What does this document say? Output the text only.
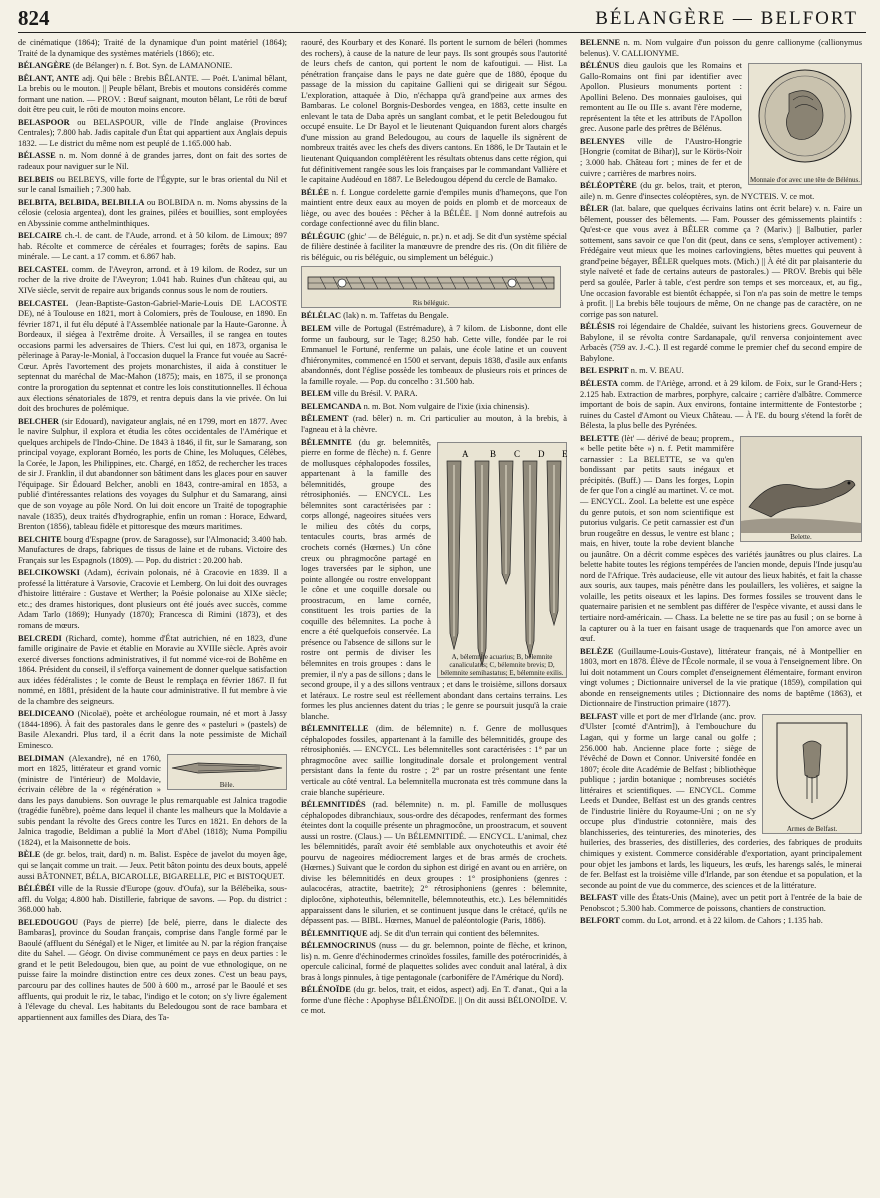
824	BÉLANGÈRE — BELFORT

de cinématique (1864); Traité de la dynamique d'un point matériel (1864); Traité de la dynamique des systèmes matériels (1866); etc.

BÉLANGÈRE (de Bélanger) n. f. Bot. Syn. de LAMANONIE.

BÊLANT, ANTE adj. Qui bêle : Brebis BÊLANTE. — Poét. L'animal bêlant, La brebis ou le mouton. || Peuple bêlant, Brebis et moutons considérés comme formant une nation. — PROV. : Bœuf saignant, mouton bêlant, Le rôti de bœuf doit être peu cuit, le rôti de mouton moins encore.

BELASPOOR ou BELASPOUR, ville de l'Inde anglaise (Provinces Centrales); 7.800 hab. Jadis capitale d'un État qui appartient aux Anglais depuis 1832. — Le district du même nom est peuplé de 1.165.000 hab.

BÉLASSE n. m. Nom donné à de grandes jarres, dont on fait des sortes de radeaux pour naviguer sur le Nil.

BELBEIS ou BELBEYS, ville forte de l'Égypte, sur le bras oriental du Nil et sur le canal Ismailieh ; 7.300 hab.

BELBITA, BELBIDA, BELBILLA ou BOLBIDA n. m. Noms abyssins de la célosie (celosia argentea), dont les graines, pilées et bouillies, sont employées en Abyssinie comme anthelminthiques.

BELCAIRE ch.-l. de cant. de l'Aude, arrond. et à 50 kilom. de Limoux; 897 hab. Récolte et commerce de céréales et fourrages; forêts de sapins. Eau minérale. — Le cant. a 17 comm. et 6.867 hab.

BELCASTEL comm. de l'Aveyron, arrond. et à 19 kilom. de Rodez, sur un rocher de la rive droite de l'Aveyron; 1.041 hab. Ruines d'un château qui, au XIVe siècle, servit de repaire aux brigands connus sous le nom de routiers.

BELCASTEL (Jean-Baptiste-Gaston-Gabriel-Marie-Louis DE LACOSTE DE), né à Toulouse en 1821, mort à Colomiers, près de Toulouse, en 1890. En février 1871, il fut élu député à l'Assemblée nationale par la Haute-Garonne. À Bordeaux, il siégea à l'extrême droite. À Versailles, il se rangea en toutes occasions parmi les adversaires de Thiers. C'est lui qui, en 1873, organisa le pèlerinage à Paray-le-Monial, à l'occasion duquel la France fut vouée au Sacré-Cœur. Après l'avortement des projets monarchistes, il aida à constituer le septennat du maréchal de Mac-Mahon (1875); mais, en 1875, il se prononça contre la prorogation du septennat et contre les lois constitutionnelles. Il échoua aux élections sénatoriales de 1879, et rentra depuis dans la vie privée. On lui doit des brochures de polémique.

BELCHER (sir Edouard), navigateur anglais, né en 1799, mort en 1877. Avec le navire Sulphur, il explora et étudia les côtes occidentales de l'Amérique et quelques archipels de l'Indo-Chine. De 1843 à 1846, il fit, sur le Samarang, son principal voyage, explorant Bornéo, les ports de Chine, les Moluques, Célèbes, la Corée, le Japon, les Philippines, etc. Chargé, en 1852, de rechercher les traces de sir J. Franklin, il dut abandonner son bâtiment dans les glaces pour en sauver l'équipage. Sir Édouard Belcher, anobli en 1843, contre-amiral en 1853, a publié d'intéressantes relations des voyages du Sulphur et du Samarang, ainsi que de son voyage au pôle Nord. On lui doit encore un Traité de topographie navale (1835), deux traités d'hydrographie, enfin un roman : Horace, Edward, Brenton (1856), tableau fidèle et pittoresque des mœurs maritimes.

BELCHITE bourg d'Espagne (prov. de Saragosse), sur l'Almonacid; 3.400 hab. Manufactures de draps, fabriques de tissus de laine et de rubans. Victoire des Français sur les Espagnols (1809). — Pop. du district : 20.200 hab.

BELCIKOWSKI (Adam), écrivain polonais, né à Cracovie en 1839. Il a professé la littérature à Varsovie, Cracovie et Lemberg. On lui doit des ouvrages d'histoire littéraire : Gustave et Werther; la Poésie polonaise au XIXe siècle; etc.; des drames historiques, dont plusieurs ont été joués avec succès, comme Adam Tarlo (1869); Hunyady (1870); Francesca di Rimini (1873), et des romans de mœurs.

BELCREDI (Richard, comte), homme d'État autrichien, né en 1823, d'une famille originaire de Pavie et établie en Moravie au XVIIIe siècle. Après avoir exercé diverses fonctions administratives, il fut nommé vice-roi de Bohême en 1864. Président du conseil, il s'efforça vainement de donner quelque satisfaction aux idées fédéralistes ; le comte de Beust le remplaça en février 1867. Il fut nommé, en 1881, président de la haute cour administrative. Il fut membre à vie de la chambre des seigneurs.

BELDICEANO (Nicolaë), poète et archéologue roumain, né et mort à Jassy (1844-1896). À fait des pastorales dans le genre des « pasteluri » (pastels) de Basile Alexandri. Plus tard, il a écrit dans la note pessimiste de Michaïl Eminesco.

Bèle.

BELDIMAN (Alexandre), né en 1760, mort en 1825, littérateur et grand vornic (ministre de l'intérieur) de Moldavie, écrivain célèbre de la « régénération » dans les pays danubiens. Son ouvrage le plus remarquable est Jalnica tragodie (tragédie funèbre), poème dans lequel il chante les malheurs que la Moldavie a subis pendant la révolte des Grecs contre les Turcs en 1821. En dehors de la Jalnica tragodie, Beldiman a publié la Mort d'Abel (1818); Numa Pompiliu (1824), et la Maisonnette de bois.

BÈLE (de gr. belos, trait, dard) n. m. Balist. Espèce de javelot du moyen âge, qui se lançait comme un trait. — Jeux. Petit bâton pointu des deux bouts, appelé aussi BÂTONNET, BÉLA, BICAROLLE, BIGARELLE, PIC et BISTOQUET.

BÉLÉBÉI ville de la Russie d'Europe (gouv. d'Oufa), sur la Bélébeïka, sous-affl. du Volga; 4.800 hab. Distillerie, fabrique de savons. — Pop. du district : 368.000 hab.

BELEDOUGOU (Pays de pierre) [de belé, pierre, dans le dialecte des Bambaras], province du Soudan français, comprise dans l'angle formé par le Baoulé (affluent du Sénégal) et le Niger, et limitée au N. par la région française dite du Sahel. — Géogr. On divise communément ce pays en deux parties : le grand et le petit Beledougou, bien que, au point de vue ethnologique, on ne puisse faire la moindre distinction entre ces deux zones. C'est un beau pays, parcouru par des collines hautes de 500 à 600 m., arrosé par le Baoulé et ses affluents, qui produit le riz, le tabac, l'indigo et le coton; on s'y livre également à l'élevage du cheval. Les habitants du Beledougou sont de race bambara et appartiennent aux familles des Diara, des Ta-

raouré, des Kourbary et des Konaré. Ils portent le surnom de béleri (hommes des rochers), à cause de la nature de leur pays. Ils sont groupés sous l'autorité de leurs chefs de canton, qui portent le nom de kafoutigui. — Hist. La pénétration française dans le pays ne date guère que de 1880, époque du passage de la mission du capitaine Gallieni qui se dirigeait sur Ségou. L'exploration, attaquée à Dio, n'échappa qu'à grand'peine aux armes des Bambaras. Le colonel Borgnis-Desbordes vengea, en 1883, cette insulte en enlevant le tata de Daba après un sanglant combat, et le petit Beledougou fut occupé ensuite. Le Dr Bayol et le lieutenant Quiquandon furent alors chargés d'une mission au grand Beledougou, au cours de laquelle ils signèrent de nombreux traités avec les chefs des divers cantons. En 1886, le Dr Tautain et le lieutenant Quiquandon complétèrent les résultats obtenus dans cette région, qui fut définitivement rangée sous les lois françaises par le commandant Vallière et le capitaine Audéoud en 1887. Le Beledougou dépend du cercle de Bamako.

BÉLÉE n. f. Longue cordelette garnie d'empiles munis d'hameçons, que l'on maintient entre deux eaux au moyen de poids en plomb et de morceaux de liège, ou avec des bouées : Pêcher à la BÉLÉE. || Nom donné autrefois au cordage confectionné avec du filin blanc.

BÉLÉGUIC (ghic' — de Béléguic, n. pr.) n. et adj. Se dit d'un système spécial de filière destinée à faciliter la manœuvre de prendre des ris. (On dit filière de ris béléguic, ou ris béléguic, ou simplement un béléguic.)

Ris béléguic.

BÉLÉLAC (lak) n. m. Taffetas du Bengale.

BELEM ville de Portugal (Estrémadure), à 7 kilom. de Lisbonne, dont elle forme un faubourg, sur le Tage; 8.250 hab. Cette ville, fondée par le roi Emmanuel le Fortuné, renferme un palais, une école latine et un couvent d'hiéronymites, commencé en 1500 et servant, depuis 1838, d'asile aux enfants abandonnés, dont l'église possède les tombeaux de plusieurs rois et princes de la famille royale. — Pop. du concelho : 31.500 hab.

BELEM ville du Brésil. V. PARA.

BELEMCANDA n. m. Bot. Nom vulgaire de l'ixie (ixia chinensis).

BÊLEMENT (rad. bêler) n. m. Cri particulier au mouton, à la brebis, à l'agneau et à la chèvre.

A B C D E
A, bélemnite acuarius; B, bélemnite canaliculatus; C, bélemnite brevis; D, bélemnite semihastatus; E, bélemnite exilis.

BÉLEMNITE (du gr. belemnitês, pierre en forme de flèche) n. f. Genre de mollusques céphalopodes fossiles, appartenant à la famille des bélemnitidés, groupe des rétrosiphoniés. — ENCYCL. Les bélemnites sont caractérisées par : corps allongé, nageoires situées vers le milieu des côtés du corps, tentacules courts, bras armés de crochets cornés (Hœrnes.) Un cône creux ou phragmocône partagé en loges traversées par le siphon, une pointe allongée ou rostre enveloppant le cône et une coquille dorsale ou proostracum, en lame cornée, constituent les trois parties de la coquille des bélemnites. La poche à encre a été quelquefois conservée. La présence ou l'absence de sillons sur le rostre ont permis de diviser les bélemnites en trois groupes : dans le premier, il n'y a pas de sillons ; dans le second groupe, il y a des sillons ventraux ; et dans le troisième, sillons dorsaux et latéraux. Le rostre seul est réellement abondant dans certains terrains. Les formes les plus anciennes datent du trias ; le genre se poursuit jusqu'à la craie blanche.

BÉLEMNITELLE (dim. de bélemnite) n. f. Genre de mollusques céphalopodes fossiles, appartenant à la famille des bélemnitidés, groupe des rétrosiphoniés. — ENCYCL. Les bélemnitelles sont caractérisées : 1° par un phragmocône avec saillie longitudinale dorsale et prolongement ventral persistant dans la fente du rostre ; 2° par un rostre présentant une fente verticale au côté ventral. La belemnitella mucronata est très commune dans la craie blanche supérieure.

BÉLEMNITIDÉS (rad. bélemnite) n. m. pl. Famille de mollusques céphalopodes dibranchiaux, sous-ordre des décapodes, renfermant des formes éteintes dont la coquille présente un phragmocône, un proostracum, et souvent aussi un rostre. (Claus.) — Un BÉLEMNITIDÉ. — ENCYCL. L'animal, chez les bélemnitidés, paraît avoir été semblable aux onychoteuthis et avoir été pourvu de nageoires médiocrement larges et de bras armés de crochets. (Hœrnes.) Suivant que le cordon du siphon est dirigé en avant ou en arrière, on divise les bélemnitidés en deux groupes : 1° prosiphoniens (genres : aulacocéras, atractite, baetrite); 2° rétrosiphoniens (genres : bélemnite, diplocône, xiphoteuthis, bélemnitelle, bélemnoteuthis, etc.). Les bélemnitidés apparaissent dans le silurien, et se continuent jusque dans le crétacé, qu'ils ne dépassent pas. — BIBL. Hœrnes, Manuel de paléontologie (Paris, 1886).

BÉLEMNITIQUE adj. Se dit d'un terrain qui contient des bélemnites.

BÉLEMNOCRINUS (nuss — du gr. belemnon, pointe de flèche, et krinon, lis) n. m. Genre d'échinodermes crinoïdes fossiles, famille des potérocrinidés, à opercule calicinal, formé de plaquettes solides avec conduit anal latéral, à dix bras à longs pinnules, à tige pentagonale (carbonifère de l'Amérique du Nord).

BÉLÉNOÏDE (du gr. belos, trait, et eidos, aspect) adj. En T. d'anat., Qui a la forme d'une flèche : Apophyse BÉLÉNOÏDE. || On dit aussi BÉLONOÏDE. V. ce mot.

BELENNE n. m. Nom vulgaire d'un poisson du genre callionyme (callionymus belenus). V. CALLIONYME.

Monnaie d'or avec une tête de Bélénus.

BÉLÉNUS dieu gaulois que les Romains et Gallo-Romains ont fini par identifier avec Apollon. Plusieurs monuments portent : Apollini Beleno. Des monnaies gauloises, qui remontent au IIe ou IIIe s. avant l'ère moderne, représentent la tête et les attributs de l'Apollon grec. Ausone parle des prêtres de Bélénus.

BELENYES ville de l'Austro-Hongrie [Hongrie (comitat de Bihar)], sur le Körös-Noir ; 3.000 hab. Château fort ; mines de fer et de cuivre ; carrières de marbres noirs.

BÉLÉOPTÈRE (du gr. belos, trait, et pteron, aile) n. m. Genre d'insectes coléoptères, syn. de NYCTEIS. V. ce mot.

BÊLER (lat. balare, que quelques écrivains latins ont écrit belare) v. n. Faire un bêlement, pousser des bêlements. — Fam. Pousser des gémissements plaintifs : Qu'est-ce que vous avez à BÊLER comme ça ? (Mariv.) || Balbutier, parler sottement, sans savoir ce que l'on dit (peut, dans ce sens, s'employer activement) : Frédégaire veut mieux que les moines carlovingiens, bêtes muettes qui peuvent à grand'peine bégayer, BÊLER quelques mots. (Mich.) || À été dit par plaisanterie du style naïveté et fade de certains auteurs de pastorales.) — PROV. Brebis qui bêle perd sa goulée, Parler à table, c'est perdre son temps et ses morceaux, et, au fig., Une occasion favorable est bientôt échappée, si l'on n'a pas soin de mettre le temps à profit. || La brebis bêle toujours de même, On ne change pas de caractère, on ne corrige pas son naturel.

BÉLÉSIS roi légendaire de Chaldée, suivant les historiens grecs. Gouverneur de Babylone, il se révolta contre Sardanapale, qu'il renversa conjointement avec Arbacès (759 av. J.-C.). Il est regardé comme le premier chef du second empire de Babylone.

BEL ESPRIT n. m. V. BEAU.

BÉLESTA comm. de l'Ariège, arrond. et à 29 kilom. de Foix, sur le Grand-Hers ; 2.125 hab. Extraction de marbres, porphyre, calcaire ; carrière d'albâtre. Commerce important de bois de sapin. Aux environs, fontaine intermittente de Fontestorbe ; ruines du Castel d'Amont ou Vieux Château. — À l'E. du bourg s'étend la forêt de Bélesta, la plus belle des Pyrénées.

Belette.

BELETTE (lèt' — dérivé de beau; proprem., « belle petite bête ») n. f. Petit mammifère carnassier : La BELETTE, se va qu'en bondissant par petits sauts inégaux et précipités. (Buff.) — Dans les forges, Lopin de fer que l'on a cinglé au martinet. V. ce mot. — ENCYCL. Zool. La belette est une espèce du genre putois, et son nom scientifique est putorius vulgaris. Ce petit carnassier est d'un brun rougeâtre en dessus, le ventre est blanc ; mais, en hiver, toute la robe devient blanche ou jaunâtre. On a décrit comme espèces des variétés jaunâtres ou plus claires. La belette habite toutes les régions tempérées de l'ancien monde, depuis l'Inde jusqu'au nord de l'Afrique. Très audacieuse, elle vit autour des lieux habités, et fait la chasse aux souris, aux taupes, mais pénètre dans les poulaillers, les volières, et saigne la volaille, les petits oiseaux et les lapins. Des formes fossiles se trouvent dans le quaternaire parisien et ne semblent pas différer de l'espèce vivante, et aussi dans le tertiaire nord-américain. — Chass. La belette ne se tire pas au fusil ; on se borne à la capturer ou à la tuer en faisant usage de traquenards que l'on amorce avec un œuf.

BELÈZE (Guillaume-Louis-Gustave), littérateur français, né à Montpellier en 1803, mort en 1878. Élève de l'École normale, il se voua à l'enseignement libre. On lui doit notamment un Cours complet d'enseignement élémentaire, formant environ vingt volumes ; Dictionnaire universel de la vie pratique (1859), compilation qui abonde en renseignements utiles ; Dictionnaire des noms de baptême (1863), et Dictionnaire de l'instruction primaire (1877).

Armes de Belfast.

BELFAST ville et port de mer d'Irlande (anc. prov. d'Ulster [comté d'Antrim]), à l'embouchure du Lagan, qui y forme un large canal ou golfe ; 256.000 hab. Ancienne place forte ; siège de l'évêché de Down et Connor. Université fondée en 1807; école dite Académie de Belfast ; bibliothèque publique ; jardin botanique ; nombreuses sociétés littéraires et scientifiques. — ENCYCL. Comme Leeds et Dundee, Belfast est un des grands centres de l'industrie linière du Royaume-Uni ; on ne s'y occupe plus d'industrie cotonnière, mais des blanchisseries, des teintureries, des minoteries, des huileries, des brasseries, des distilleries, des corderies, des fabriques de produits chimiques y existent. Commerce considérable d'exportation, ayant principalement pour objet les jambons et lards, les liqueurs, les œufs, les harengs salés, le minerai de fer. Belfast est la troisième ville d'Irlande, par son étendue et sa population, et la seconde au point de vue du commerce, des sciences et de la littérature.

BELFAST ville des États-Unis (Maine), avec un petit port à l'entrée de la baie de Penobscot ; 5.300 hab. Commerce de poissons, chantiers de construction.

BELFORT comm. du Lot, arrond. et à 22 kilom. de Cahors ; 1.135 hab.
